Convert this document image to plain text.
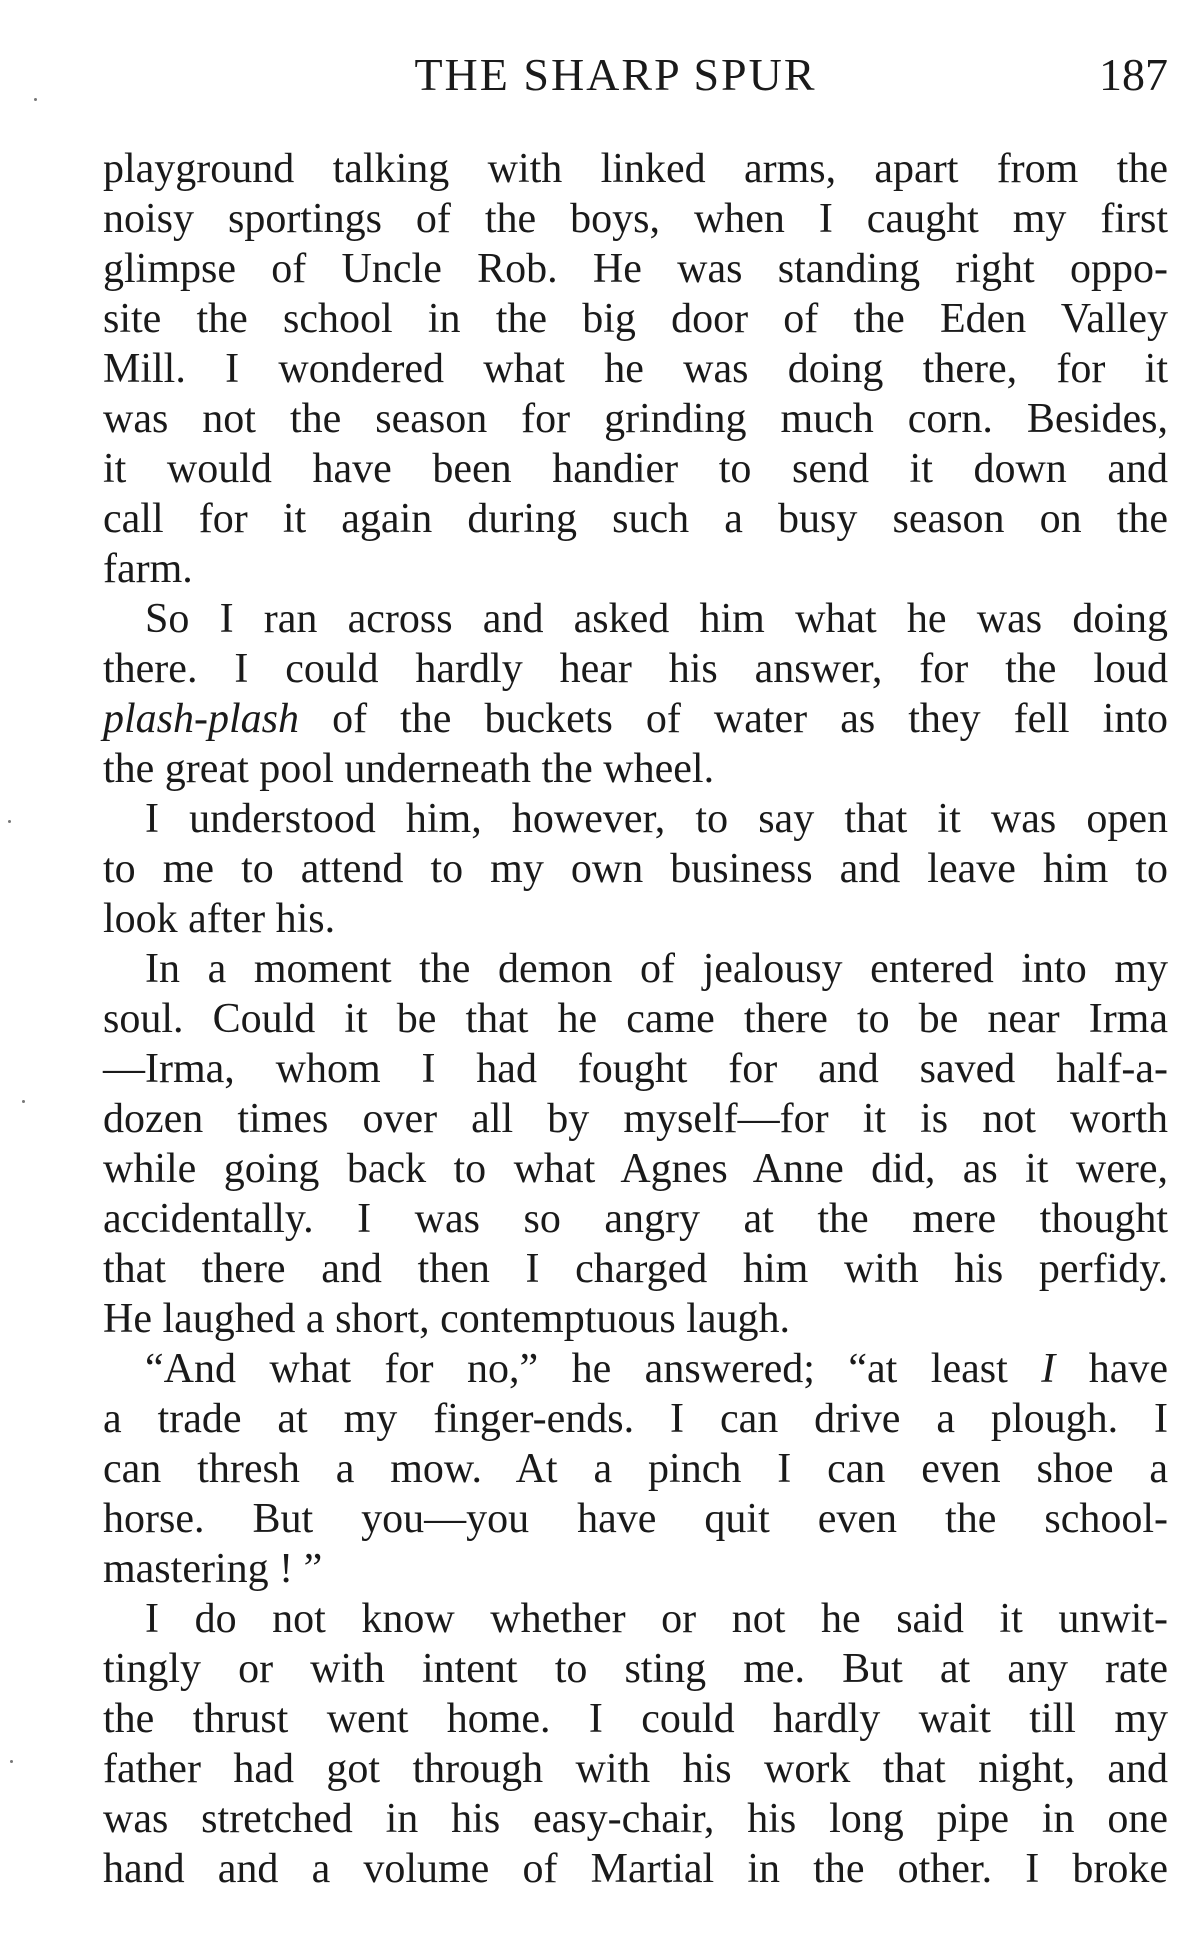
THE SHARP SPUR	187
playground talking with linked arms, apart from the
noisy sportings of the boys, when I caught my first
glimpse of Uncle Rob. He was standing right oppo-
site the school in the big door of the Eden Valley
Mill. I wondered what he was doing there, for it
was not the season for grinding much corn. Besides,
it would have been handier to send it down and
call for it again during such a busy season on the
farm.
So I ran across and asked him what he was doing
there. I could hardly hear his answer, for the loud
plash-plash of the buckets of water as they fell into
the great pool underneath the wheel.
I understood him, however, to say that it was open
to me to attend to my own business and leave him to
look after his.
In a moment the demon of jealousy entered into my
soul. Could it be that he came there to be near Irma
—Irma, whom I had fought for and saved half-a-
dozen times over all by myself—for it is not worth
while going back to what Agnes Anne did, as it were,
accidentally. I was so angry at the mere thought
that there and then I charged him with his perfidy.
He laughed a short, contemptuous laugh.
“And what for no,” he answered; “at least I have
a trade at my finger-ends. I can drive a plough. I
can thresh a mow. At a pinch I can even shoe a
horse. But you—you have quit even the school-
mastering ! ”
I do not know whether or not he said it unwit-
tingly or with intent to sting me. But at any rate
the thrust went home. I could hardly wait till my
father had got through with his work that night, and
was stretched in his easy-chair, his long pipe in one
hand and a volume of Martial in the other. I broke
